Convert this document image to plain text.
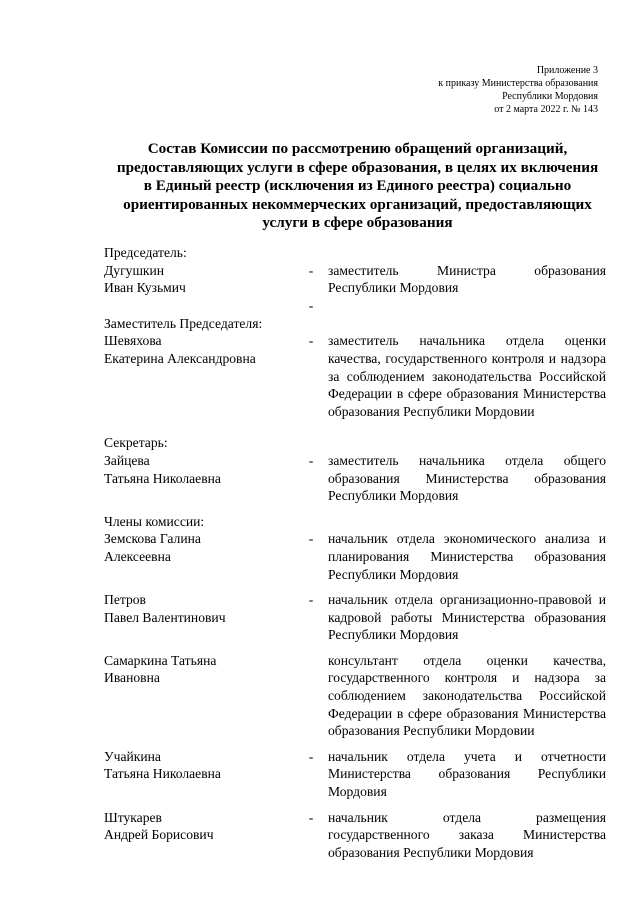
Приложение 3
к приказу Министерства образования
Республики Мордовия
от 2 марта 2022 г. № 143
Состав Комиссии по рассмотрению обращений организаций,
предоставляющих услуги в сфере образования, в целях их включения
в Единый реестр (исключения из Единого реестра) социально
ориентированных некоммерческих организаций, предоставляющих
услуги в сфере образования
Председатель:
Дугушкин
Иван Кузьмич
-	заместитель Министра образования Республики Мордовия
-
Заместитель Председателя:
Шевяхова
Екатерина Александровна
-	заместитель начальника отдела оценки качества, государственного контроля и надзора за соблюдением законодательства Российской Федерации в сфере образования Министерства образования Республики Мордовии
Секретарь:
Зайцева
Татьяна Николаевна
-	заместитель начальника отдела общего образования Министерства образования Республики Мордовия
Члены комиссии:
Земскова Галина
Алексеевна
-	начальник отдела экономического анализа и планирования Министерства образования Республики Мордовия
Петров
Павел Валентинович
-	начальник отдела организационно-правовой и кадровой работы Министерства образования Республики Мордовия
Самаркина Татьяна
Ивановна
консультант отдела оценки качества, государственного контроля и надзора за соблюдением законодательства Российской Федерации в сфере образования Министерства образования Республики Мордовии
Учайкина
Татьяна Николаевна
-	начальник отдела учета и отчетности Министерства образования Республики Мордовия
Штукарев
Андрей Борисович
-	начальник отдела размещения государственного заказа Министерства образования Республики Мордовия
